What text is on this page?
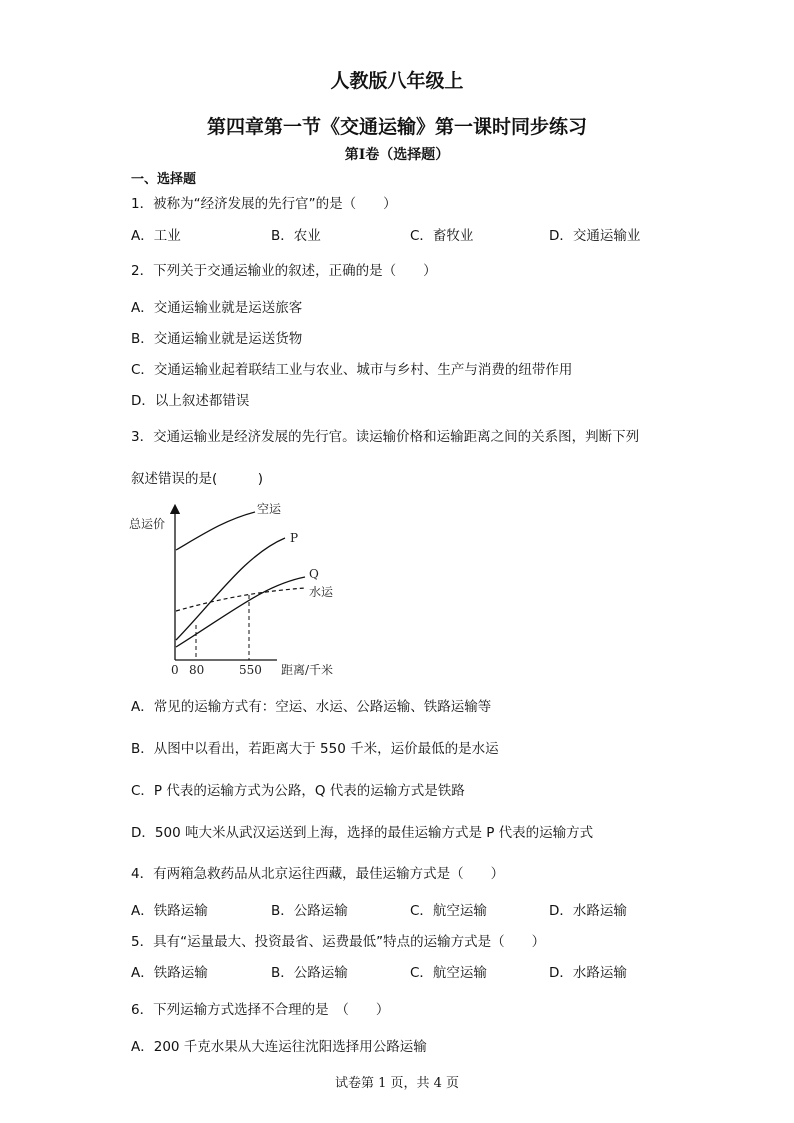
人教版八年级上
第四章第一节《交通运输》第一课时同步练习
第Ⅰ卷（选择题）
一、选择题
1．被称为“经济发展的先行官”的是（　　）
A．工业	B．农业	C．畜牧业	D．交通运输业
2．下列关于交通运输业的叙述，正确的是（　　）
A．交通运输业就是运送旅客
B．交通运输业就是运送货物
C．交通运输业起着联结工业与农业、城市与乡村、生产与消费的纽带作用
D．以上叙述都错误
3．交通运输业是经济发展的先行官。读运输价格和运输距离之间的关系图，判断下列
叙述错误的是(　　　)
总运价
空运
P
Q
水运
0 80	550 距离/千米
A．常见的运输方式有：空运、水运、公路运输、铁路运输等
B．从图中以看出，若距离大于 550 千米，运价最低的是水运
C．P 代表的运输方式为公路，Q 代表的运输方式是铁路
D．500 吨大米从武汉运送到上海，选择的最佳运输方式是 P 代表的运输方式
4．有两箱急救药品从北京运往西藏，最佳运输方式是（　　）
A．铁路运输	B．公路运输	C．航空运输	D．水路运输
5．具有“运量最大、投资最省、运费最低”特点的运输方式是（　　）
A．铁路运输	B．公路运输	C．航空运输	D．水路运输
6．下列运输方式选择不合理的是　（　　）
A．200 千克水果从大连运往沈阳选择用公路运输
试卷第 1 页，共 4 页
